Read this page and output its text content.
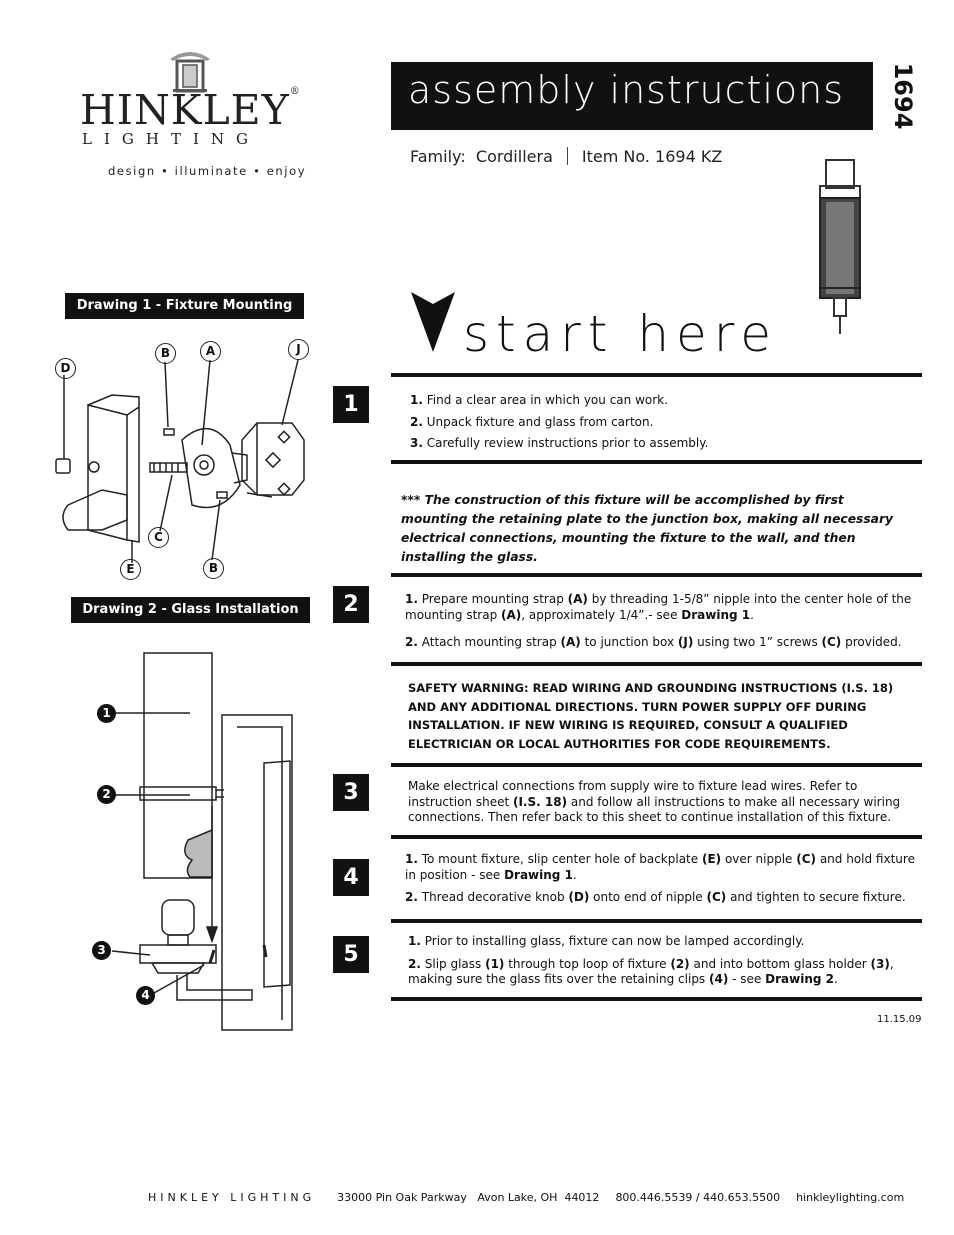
HINKLEY®
LIGHTING
design • illuminate • enjoy
assembly instructions 1694
Family: Cordillera Item No. 1694 KZ
start here
Drawing 1 - Fixture Mounting
D
B	A	J
C
E	B
Drawing 2 - Glass Installation
1
2
3
4
1	1. Find a clear area in which you can work.
2. Unpack fixture and glass from carton.
3. Carefully review instructions prior to assembly.
*** The construction of this fixture will be accomplished by first mounting the retaining plate to the junction box, making all necessary electrical connections, mounting the fixture to the wall, and then installing the glass.
2	1. Prepare mounting strap (A) by threading 1-5/8” nipple into the center hole of the mounting strap (A), approximately 1/4”.- see Drawing 1.

2. Attach mounting strap (A) to junction box (J) using two 1” screws (C) provided.

SAFETY WARNING: READ WIRING AND GROUNDING INSTRUCTIONS (I.S. 18) AND ANY ADDITIONAL DIRECTIONS. TURN POWER SUPPLY OFF DURING INSTALLATION. IF NEW WIRING IS REQUIRED, CONSULT A QUALIFIED ELECTRICIAN OR LOCAL AUTHORITIES FOR CODE REQUIREMENTS.
3	Make electrical connections from supply wire to fixture lead wires. Refer to instruction sheet (I.S. 18) and follow all instructions to make all necessary wiring connections. Then refer back to this sheet to continue installation of this fixture.
4

1. To mount fixture, slip center hole of backplate (E) over nipple (C) and hold fixture in position - see Drawing 1.

2. Thread decorative knob (D) onto end of nipple (C) and tighten to secure fixture.

5

1. Prior to installing glass, fixture can now be lamped accordingly.

2. Slip glass (1) through top loop of fixture (2) and into bottom glass holder (3), making sure the glass fits over the retaining clips (4) - see Drawing 2.

11.15.09
HINKLEY LIGHTING 33000 Pin Oak Parkway   Avon Lake, OH  44012 800.446.5539 / 440.653.5500 hinkleylighting.com
